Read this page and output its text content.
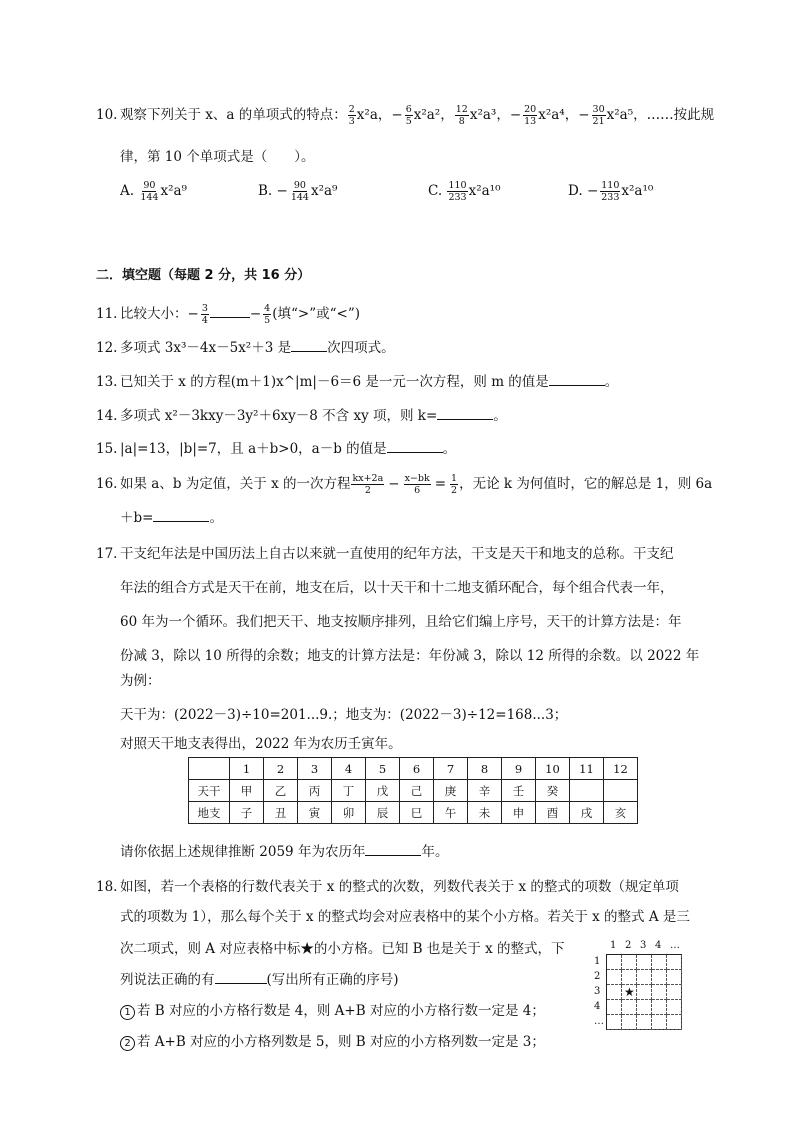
10. 观察下列关于 x、a 的单项式的特点： $\frac{2}{3} x^2a$，− $\frac{6}{5} x^2a^2$， $\frac{12}{8} x^2a^3$，− $\frac{20}{13} x^2a^4$，− $\frac{30}{21} x^2a^5$，……按此规
律，第 10 个单项式是（　　）。
A. $\frac{90}{144} x^2a^9$	B. − $\frac{90}{144} x^2a^9$	C. $\frac{110}{233} x^2a^{10}$	D. − $\frac{110}{233} x^2a^{10}$
二．填空题（每题 2 分，共 16 分）
11. 比较大小：− $\frac{3}{4}$	− $\frac{4}{5}$ (填“>”或“<”)
12. 多项式 3x³－4x－5x²＋3 是	次四项式。
13. 已知关于 x 的方程(m＋1)x^|m|－6＝6 是一元一次方程，则 m 的值是	。
14. 多项式 x²－3kxy－3y²＋6xy－8 不含 xy 项，则 k=	。
15. |a|=13，|b|=7，且 a＋b>0，a－b 的值是	。
16. 如果 a、b 为定值，关于 x 的一次方程 $\frac{kx+2a}{2} - \frac{x-bk}{6} = \frac{1}{2}$ ，无论 k 为何值时，它的解总是 1，则 6a
＋b=	。
17. 干支纪年法是中国历法上自古以来就一直使用的纪年方法，干支是天干和地支的总称。干支纪
年法的组合方式是天干在前，地支在后，以十天干和十二地支循环配合，每个组合代表一年，
60 年为一个循环。我们把天干、地支按顺序排列，且给它们编上序号，天干的计算方法是：年
份减 3，除以 10 所得的余数；地支的计算方法是：年份减 3，除以 12 所得的余数。以 2022 年
为例：
天干为：(2022－3)÷10=201...9.；地支为：(2022－3)÷12=168...3；
对照天干地支表得出，2022 年为农历壬寅年。
	1	2	3	4	5	6	7	8	9	10	11	12
天干	甲	乙	丙	丁	戊	己	庚	辛	壬	癸		
地支	子	丑	寅	卯	辰	巳	午	未	申	酉	戌	亥
请你依据上述规律推断 2059 年为农历年	年。
18. 如图，若一个表格的行数代表关于 x 的整式的次数，列数代表关于 x 的整式的项数（规定单项
式的项数为 1），那么每个关于 x 的整式均会对应表格中的某个小方格。若关于 x 的整式 A 是三
次二项式，则 A 对应表格中标★的小方格。已知 B 也是关于 x 的整式，下
列说法正确的有	(写出所有正确的序号)
1 若 B 对应的小方格行数是 4，则 A+B 对应的小方格行数一定是 4；
2 若 A+B 对应的小方格列数是 5，则 B 对应的小方格列数一定是 3；
1 2 3 4 …
1
2
3
4
…
★
